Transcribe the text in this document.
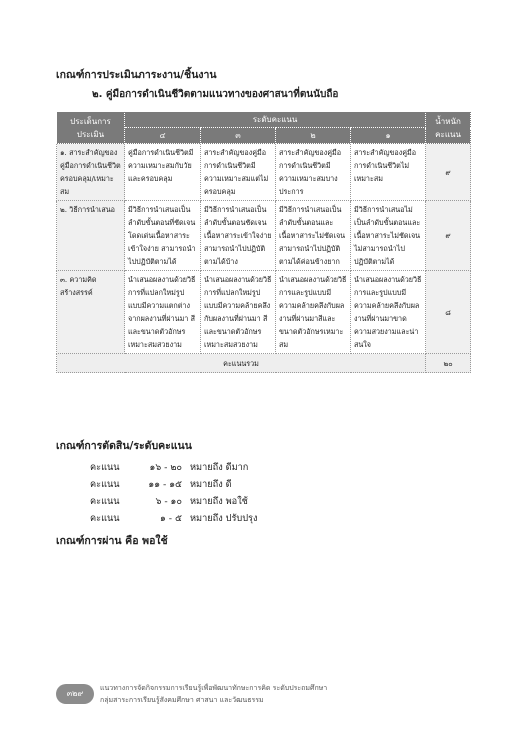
เกณฑ์การประเมินภาระงาน/ชิ้นงาน
๒. คู่มือการดำเนินชีวิตตามแนวทางของศาสนาที่ตนนับถือ
ประเด็นการประเมิน	ระดับคะแนน				น้ำหนักคะแนน
	๔	๓	๒	๑	
๑. สาระสำคัญของคู่มือการดำเนินชีวิตครอบคลุม/เหมาะสม	คู่มือการดำเนินชีวิตมีความเหมาะสมกับวัยและครอบคลุม	สาระสำคัญของคู่มือการดำเนินชีวิตมีความเหมาะสมแต่ไม่ครอบคลุม	สาระสำคัญของคู่มือการดำเนินชีวิตมีความเหมาะสมบางประการ	สาระสำคัญของคู่มือการดำเนินชีวิตไม่เหมาะสม	๙
๒. วิธีการนำเสนอ	มีวิธีการนำเสนอเป็นลำดับขั้นตอนที่ชัดเจน โดดเด่นเนื้อหาสาระเข้าใจง่าย สามารถนำไปปฏิบัติตามได้	มีวิธีการนำเสนอเป็นลำดับขั้นตอนชัดเจนเนื้อหาสาระเข้าใจง่าย สามารถนำไปปฏิบัติตามได้บ้าง	มีวิธีการนำเสนอเป็นลำดับขั้นตอนและเนื้อหาสาระไม่ชัดเจน สามารถนำไปปฏิบัติตามได้ค่อนข้างยาก	มีวิธีการนำเสนอไม่เป็นลำดับขั้นตอนและเนื้อหาสาระไม่ชัดเจน ไม่สามารถนำไปปฏิบัติตามได้	๙
๓. ความคิดสร้างสรรค์	นำเสนอผลงานด้วยวิธีการที่แปลกใหม่รูปแบบมีความแตกต่างจากผลงานที่ผ่านมา สีและขนาดตัวอักษรเหมาะสมสวยงาม	นำเสนอผลงานด้วยวิธีการที่แปลกใหม่รูปแบบมีความคล้ายคลึงกับผลงานที่ผ่านมา สีและขนาดตัวอักษรเหมาะสมสวยงาม	นำเสนอผลงานด้วยวิธีการและรูปแบบมีความคล้ายคลึงกับผลงานที่ผ่านมาสีและขนาดตัวอักษรเหมาะสม	นำเสนอผลงานด้วยวิธีการและรูปแบบมีความคล้ายคลึงกับผลงานที่ผ่านมาขาดความสวยงามและน่าสนใจ	๘
คะแนนรวม					๒๐
เกณฑ์การตัดสิน/ระดับคะแนน
คะแนน	๑๖ - ๒๐ หมายถึง ดีมาก
คะแนน	๑๑ - ๑๕ หมายถึง ดี
คะแนน	๖ - ๑๐ หมายถึง พอใช้
คะแนน	๑ - ๕ หมายถึง ปรับปรุง
เกณฑ์การผ่าน คือ พอใช้
๓๒๙
แนวทางการจัดกิจกรรมการเรียนรู้เพื่อพัฒนาทักษะการคิด ระดับประถมศึกษา
กลุ่มสาระการเรียนรู้สังคมศึกษา ศาสนา และวัฒนธรรม
